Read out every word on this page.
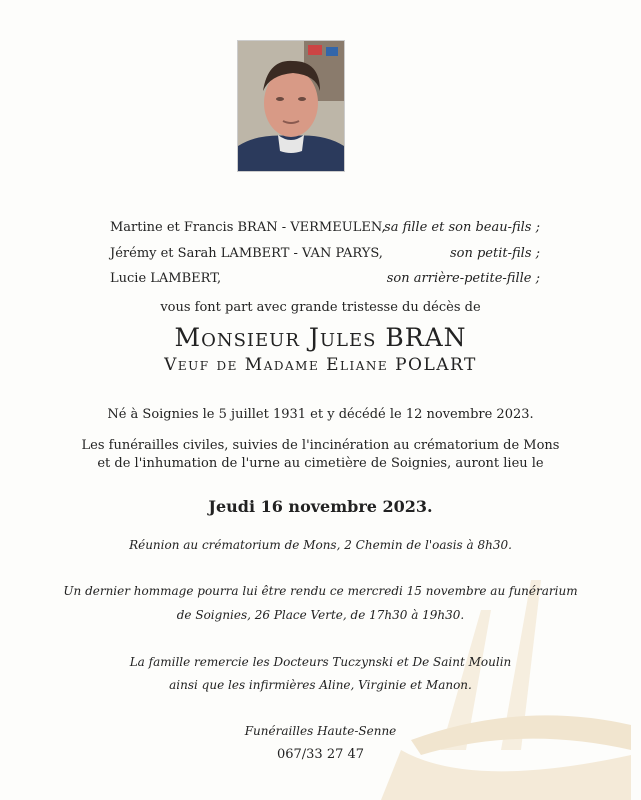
Martine et Francis BRAN - VERMEULEN,
sa fille et son beau-fils ;
Jérémy et Sarah LAMBERT - VAN PARYS,	son petit-fils ;
Lucie LAMBERT,	son arrière-petite-fille ;
vous font part avec grande tristesse du décès de
Monsieur Jules BRAN
Veuf de Madame Eliane POLART
Né à Soignies le 5 juillet 1931 et y décédé le 12 novembre 2023.
Les funérailles civiles, suivies de l'incinération au crématorium de Mons
et de l'inhumation de l'urne au cimetière de Soignies, auront lieu le
Jeudi 16 novembre 2023.
Réunion au crématorium de Mons, 2 Chemin de l'oasis à 8h30.
Un dernier hommage pourra lui être rendu ce mercredi 15 novembre au funérarium
de Soignies, 26 Place Verte, de 17h30 à 19h30.
La famille remercie les Docteurs Tuczynski et De Saint Moulin
ainsi que les infirmières Aline, Virginie et Manon.
Funérailles Haute-Senne
067/33 27 47
